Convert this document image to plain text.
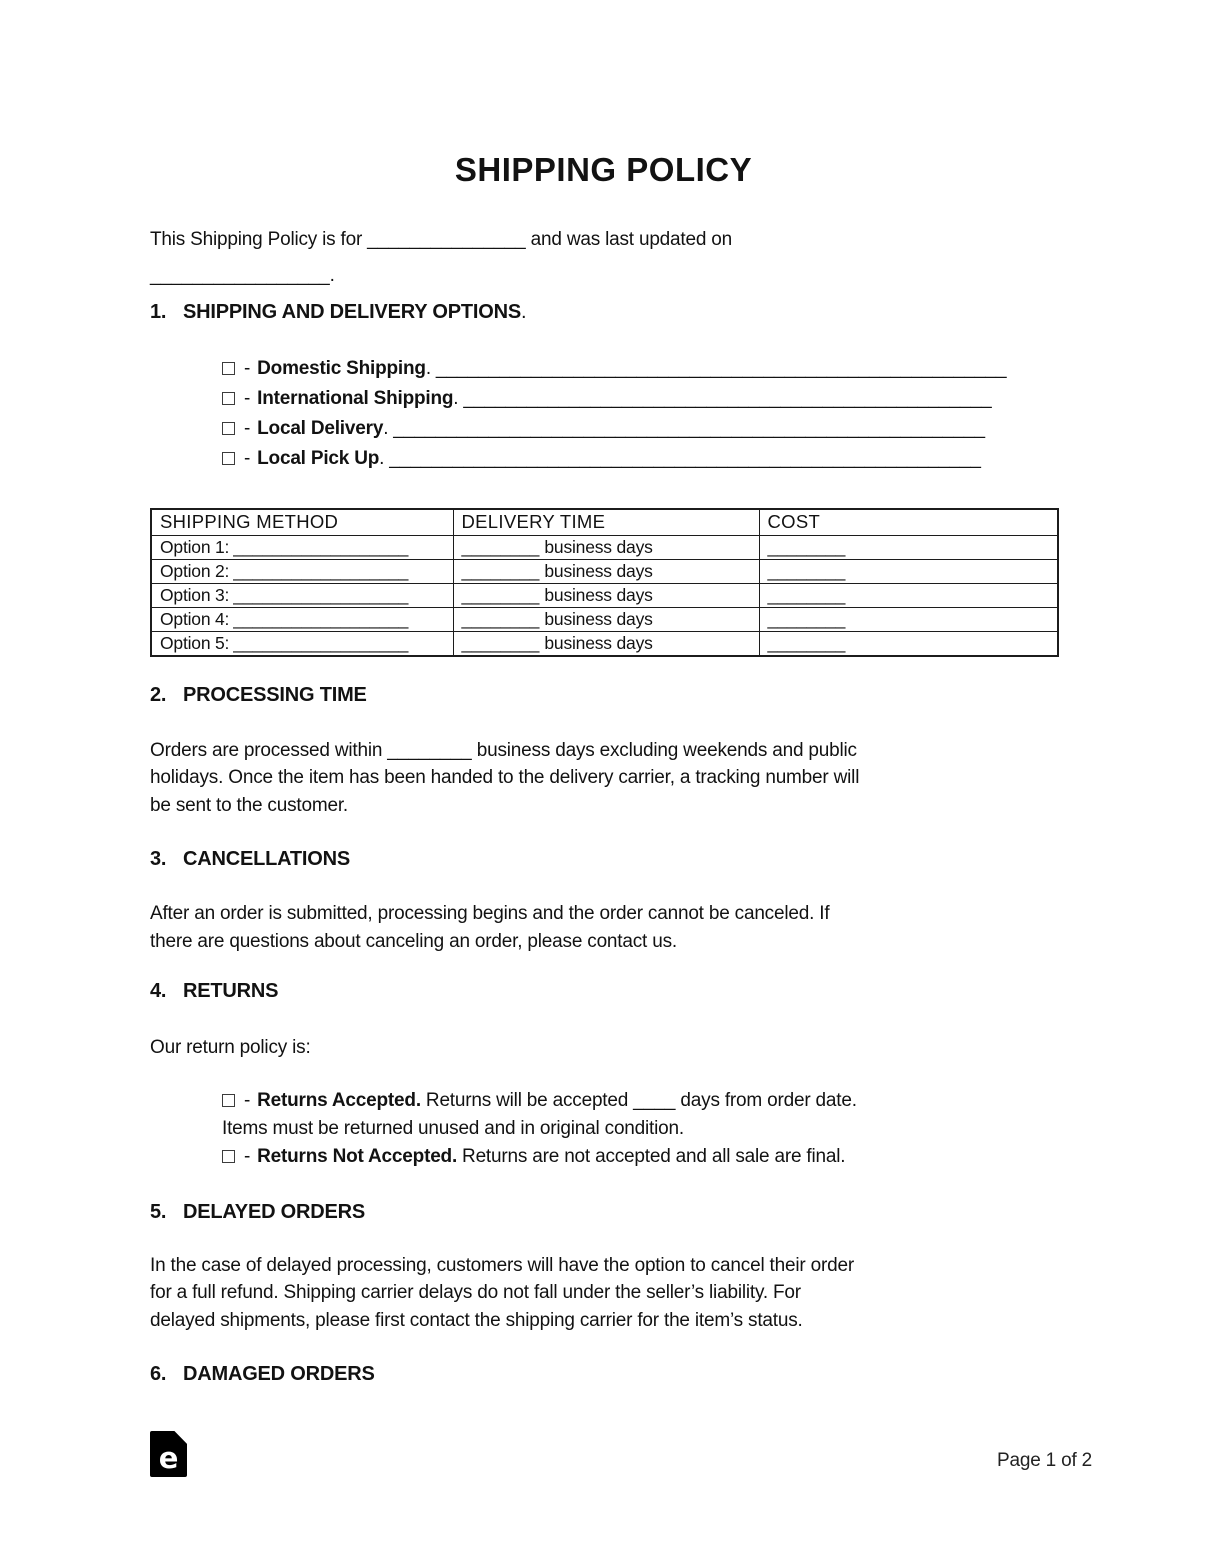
SHIPPING POLICY
This Shipping Policy is for _______________ and was last updated on
_________________.
1. SHIPPING AND DELIVERY OPTIONS.
- Domestic Shipping. ______________________________________________________
- International Shipping. __________________________________________________
- Local Delivery. ________________________________________________________
- Local Pick Up. ________________________________________________________
SHIPPING METHOD	DELIVERY TIME	COST
Option 1: __________________	________ business days	________
Option 2: __________________	________ business days	________
Option 3: __________________	________ business days	________
Option 4: __________________	________ business days	________
Option 5: __________________	________ business days	________
2. PROCESSING TIME
Orders are processed within ________ business days excluding weekends and public
holidays. Once the item has been handed to the delivery carrier, a tracking number will
be sent to the customer.
3. CANCELLATIONS
After an order is submitted, processing begins and the order cannot be canceled. If
there are questions about canceling an order, please contact us.
4. RETURNS
Our return policy is:
- Returns Accepted. Returns will be accepted ____ days from order date.
Items must be returned unused and in original condition.
- Returns Not Accepted. Returns are not accepted and all sale are final.
5. DELAYED ORDERS
In the case of delayed processing, customers will have the option to cancel their order
for a full refund. Shipping carrier delays do not fall under the seller’s liability. For
delayed shipments, please first contact the shipping carrier for the item’s status.
6. DAMAGED ORDERS
e	Page 1 of 2
